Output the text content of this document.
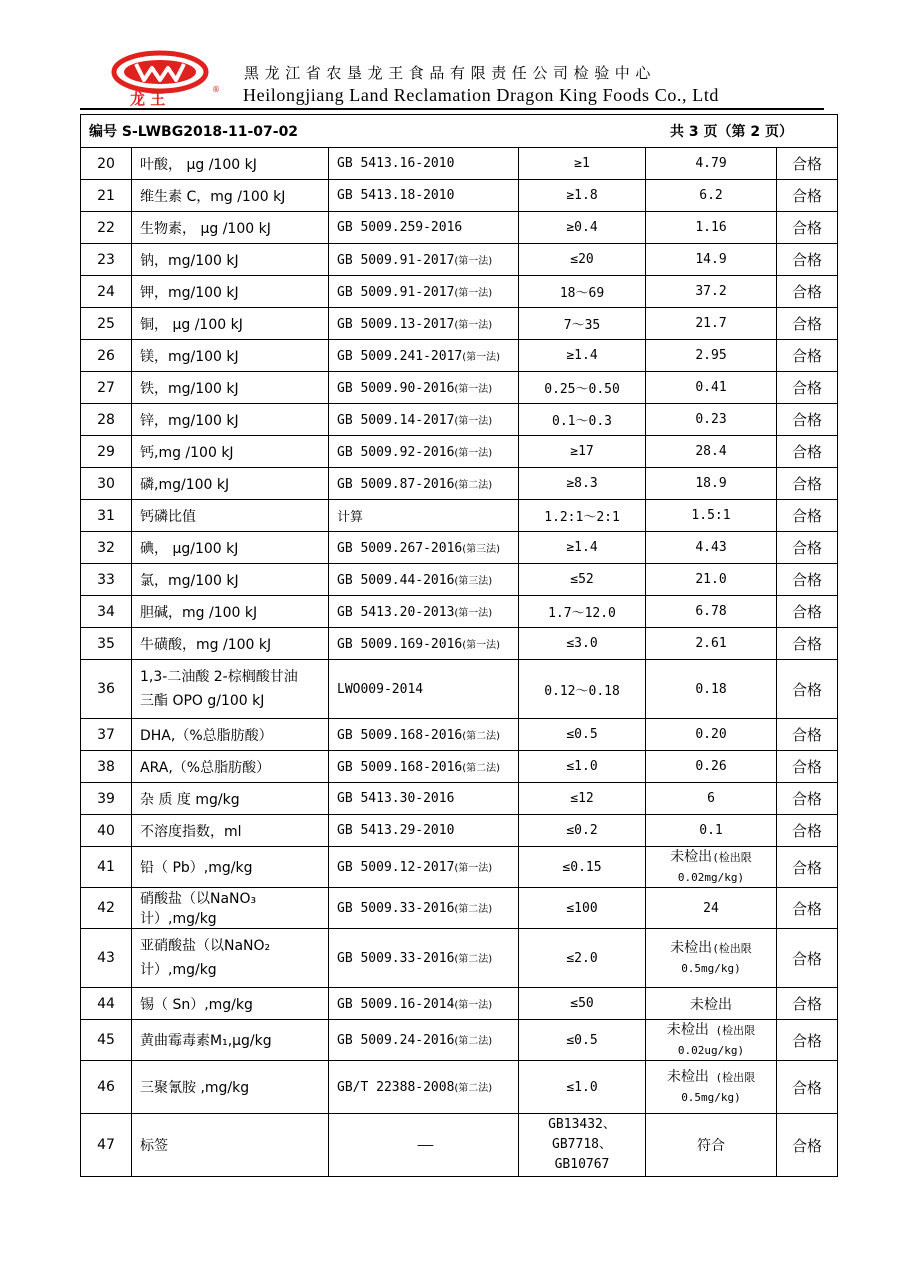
龙 王
®
黑龙江省农垦龙王食品有限责任公司检验中心
Heilongjiang Land Reclamation Dragon King Foods Co., Ltd
编号 S-LWBG2018-11-07-02 共 3 页（第 2 页）					

20	叶酸， μg /100 kJ	GB 5413.16-2010	≥1	4.79	合格
21	维生素 C，mg /100 kJ	GB 5413.18-2010	≥1.8	6.2	合格
22	生物素， μg /100 kJ	GB 5009.259-2016	≥0.4	1.16	合格
23	钠，mg/100 kJ	GB 5009.91-2017(第一法)	≤20	14.9	合格
24	钾，mg/100 kJ	GB 5009.91-2017(第一法)	18～69	37.2	合格
25	铜， μg /100 kJ	GB 5009.13-2017(第一法)	7～35	21.7	合格
26	镁，mg/100 kJ	GB 5009.241-2017(第一法)	≥1.4	2.95	合格
27	铁，mg/100 kJ	GB 5009.90-2016(第一法)	0.25～0.50	0.41	合格
28	锌，mg/100 kJ	GB 5009.14-2017(第一法)	0.1～0.3	0.23	合格
29	钙,mg /100 kJ	GB 5009.92-2016(第一法)	≥17	28.4	合格
30	磷,mg/100 kJ	GB 5009.87-2016(第二法)	≥8.3	18.9	合格
31	钙磷比值	计算	1.2:1～2:1	1.5:1	合格
32	碘， μg/100 kJ	GB 5009.267-2016(第三法)	≥1.4	4.43	合格
33	氯，mg/100 kJ	GB 5009.44-2016(第三法)	≤52	21.0	合格
34	胆碱，mg /100 kJ	GB 5413.20-2013(第一法)	1.7～12.0	6.78	合格
35	牛磺酸，mg /100 kJ	GB 5009.169-2016(第一法)	≤3.0	2.61	合格
36	1,3-二油酸 2-棕榈酸甘油
三酯 OPO g/100 kJ	LWO009-2014	0.12～0.18	0.18	合格
37	DHA,（%总脂肪酸）	GB 5009.168-2016(第二法)	≤0.5	0.20	合格
38	ARA,（%总脂肪酸）	GB 5009.168-2016(第二法)	≤1.0	0.26	合格
39	杂 质 度 mg/kg	GB 5413.30-2016	≤12	6	合格
40	不溶度指数，ml	GB 5413.29-2010	≤0.2	0.1	合格
41	铅（ Pb）,mg/kg	GB 5009.12-2017(第一法)	≤0.15	未检出(检出限
0.02mg/kg)	合格
42	硝酸盐（以NaNO₃计）,mg/kg	GB 5009.33-2016(第二法)	≤100	24	合格
43	亚硝酸盐（以NaNO₂
计）,mg/kg	GB 5009.33-2016(第二法)	≤2.0	未检出(检出限
0.5mg/kg)	合格
44	锡（ Sn）,mg/kg	GB 5009.16-2014(第一法)	≤50	未检出	合格
45	黄曲霉毒素M₁,μg/kg	GB 5009.24-2016(第二法)	≤0.5	未检出 (检出限
0.02ug/kg)	合格
46	三聚氰胺 ,mg/kg	GB/T 22388-2008(第二法)	≤1.0	未检出 (检出限
0.5mg/kg)	合格
47	标签	——	GB13432、
GB7718、
GB10767	符合	合格
